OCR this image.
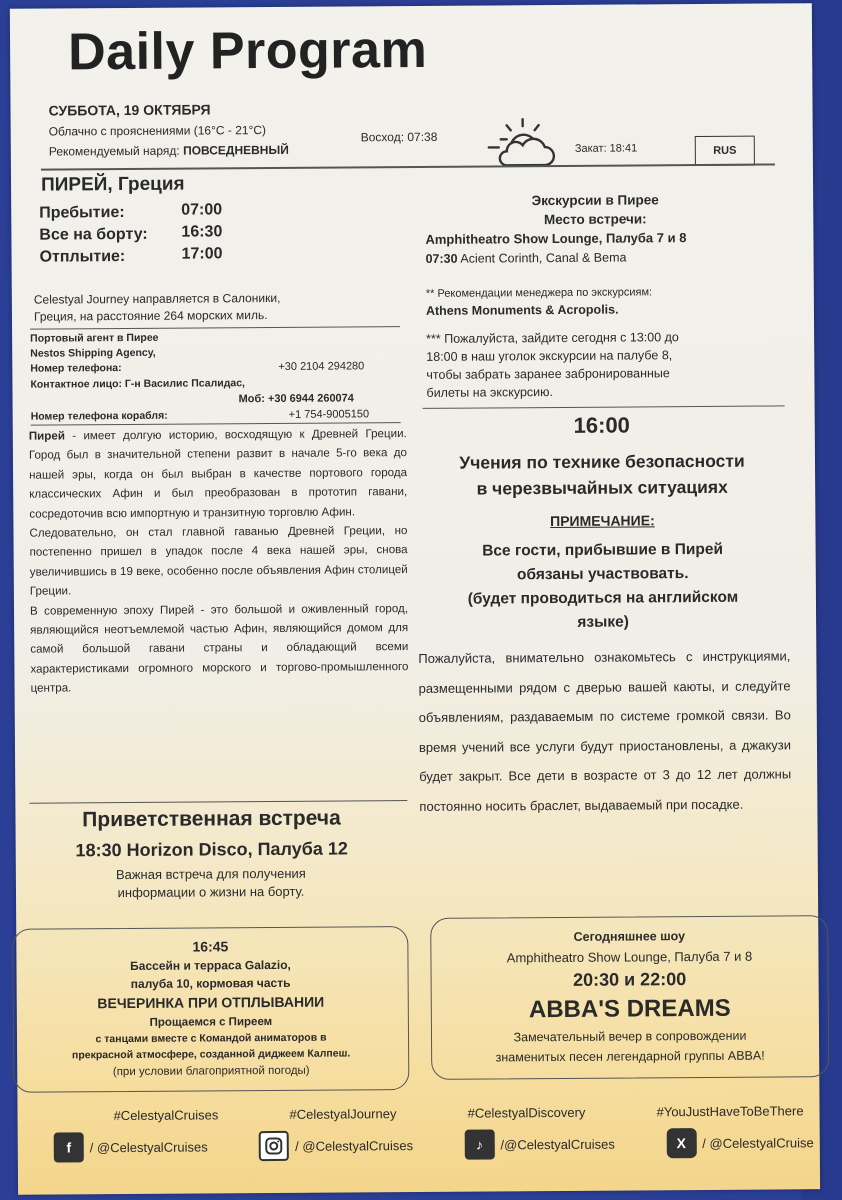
Daily Program
СУББОТА, 19 ОКТЯБРЯ
Облачно с прояснениями (16°C - 21°C)
Рекомендуемый наряд: ПОВСЕДНЕВНЫЙ
Восход: 07:38
Закат: 18:41	RUS
ПИРЕЙ, Греция
Пребытие:	07:00
Все на борту: 16:30
Отплытие:	17:00
Celestyal Journey направляется в Салоники,
Греция, на расстояние 264 морских миль.
Портовый агент в Пирее
Nestos Shipping Agency,
Номер телефона:	+30 2104 294280
Контактное лицо: Г-н Василис Псалидас,
Моб: +30 6944 260074
Номер телефона корабля:	+1 754-9005150

Пирей - имеет долгую историю, восходящую к Древней Греции. Город был в значительной степени развит в начале 5-го века до нашей эры, когда он был выбран в качестве портового города классических Афин и был преобразован в прототип гавани, сосредоточив всю импортную и транзитную торговлю Афин.

Следовательно, он стал главной гаванью Древней Греции, но постепенно пришел в упадок после 4 века нашей эры, снова увеличившись в 19 веке, особенно после объявления Афин столицей Греции.

В современную эпоху Пирей - это большой и оживленный город, являющийся неотъемлемой частью Афин, являющийся домом для самой большой гавани страны и обладающий всеми характеристиками огромного морского и торгово-промышленного центра.

Приветственная встреча
18:30 Horizon Disco, Палуба 12
Важная встреча для получения
информации о жизни на борту.
16:45
Бассейн и терраса Galazio,
палуба 10, кормовая часть
ВЕЧЕРИНКА ПРИ ОТПЛЫВАНИИ
Прощаемся с Пиреем
с танцами вместе с Командой аниматоров в
прекрасной атмосфере, созданной диджеем Калпеш.
(при условии благоприятной погоды)
Экскурсии в Пирее
Место встречи:
Amphitheatro Show Lounge, Палуба 7 и 8
07:30 Acient Corinth, Canal & Bema
** Рекомендации менеджера по экскурсиям:
Athens Monuments & Acropolis.
*** Пожалуйста, зайдите сегодня с 13:00 до
18:00 в наш уголок экскурсии на палубе 8,
чтобы забрать заранее забронированные
билеты на экскурсию.
16:00
Учения по технике безопасности
в черезвычайных ситуациях
ПРИМЕЧАНИЕ:
Все гости, прибывшие в Пирей
обязаны участвовать.
(будет проводиться на английском
языке)
Пожалуйста, внимательно ознакомьтесь с инструкциями, размещенными рядом с дверью вашей каюты, и следуйте объявлениям, раздаваемым по системе громкой связи. Во время учений все услуги будут приостановлены, а джакузи будет закрыт. Все дети в возрасте от 3 до 12 лет должны постоянно носить браслет, выдаваемый при посадке.
Сегодняшнее шоу
Amphitheatro Show Lounge, Палуба 7 и 8
20:30 и 22:00
ABBA'S DREAMS
Замечательный вечер в сопровождении
знаменитых песен легендарной группы ABBA!
#CelestyalCruises	#CelestyalJourney	#CelestyalDiscovery	#YouJustHaveToBeThere
f	/ @CelestyalCruises	/ @CelestyalCruises	♪	/@CelestyalCruises	X	/ @CelestyalCruise
